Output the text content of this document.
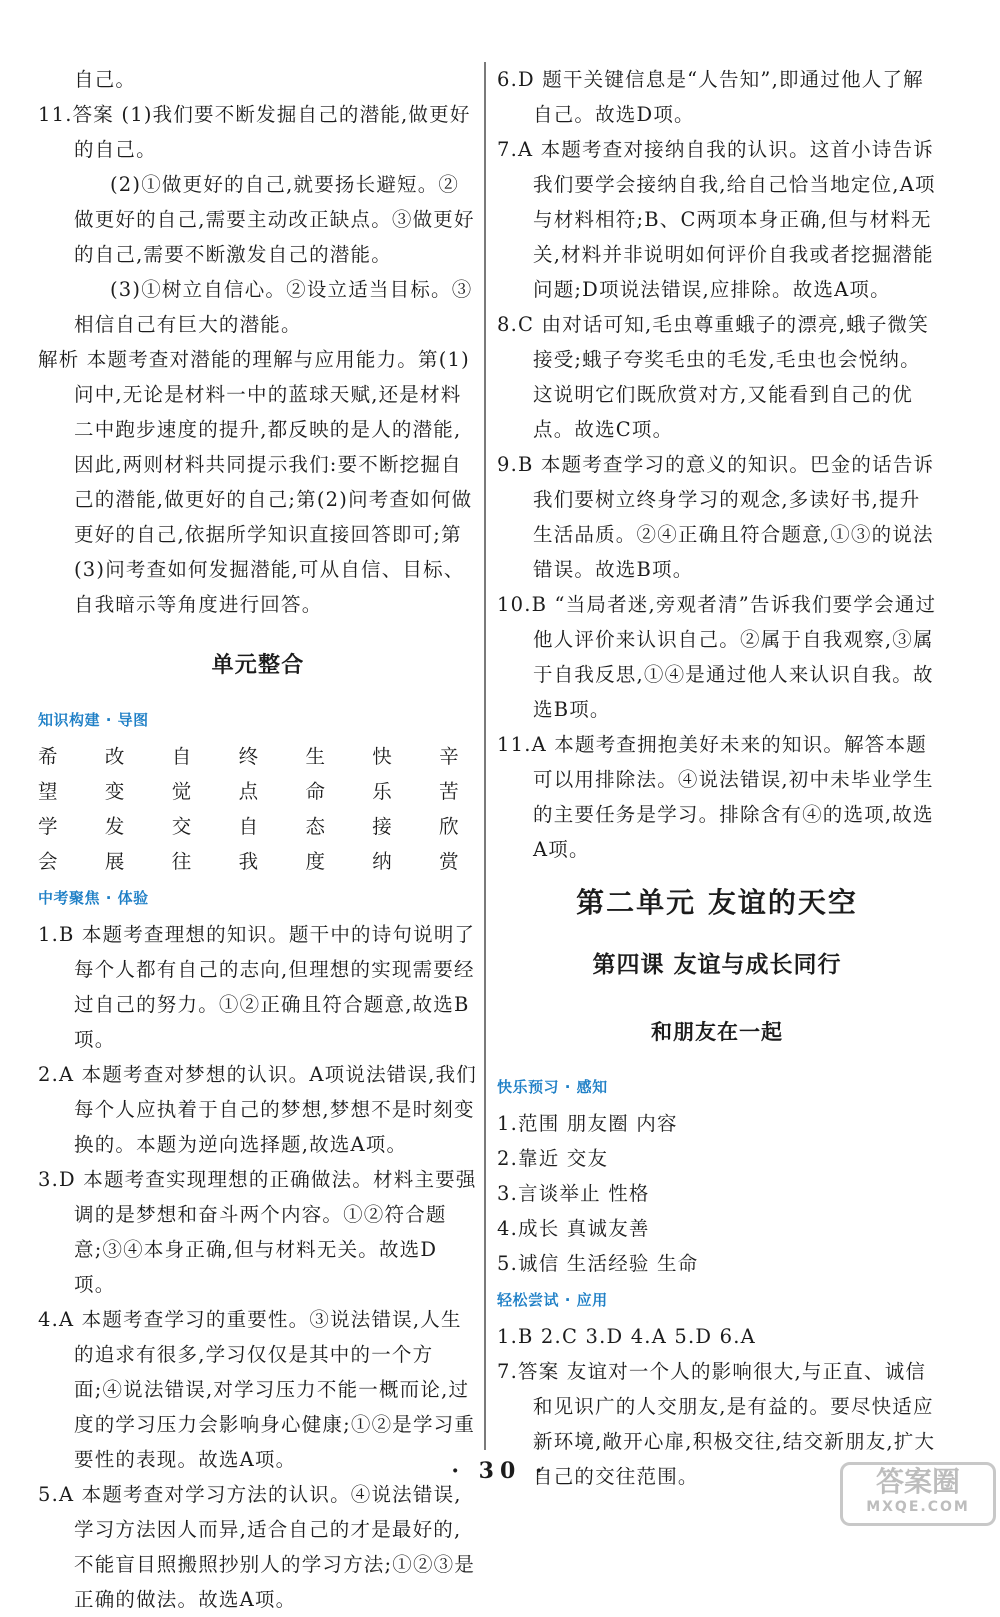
自己。

11.答案 (1)我们要不断发掘自己的潜能,做更好的自己。

(2)①做更好的自己,就要扬长避短。②做更好的自己,需要主动改正缺点。③做更好的自己,需要不断激发自己的潜能。

(3)①树立自信心。②设立适当目标。③相信自己有巨大的潜能。

解析 本题考查对潜能的理解与应用能力。第(1)问中,无论是材料一中的蓝球天赋,还是材料二中跑步速度的提升,都反映的是人的潜能,因此,两则材料共同提示我们:要不断挖掘自己的潜能,做更好的自己;第(2)问考查如何做更好的自己,依据所学知识直接回答即可;第(3)问考查如何发掘潜能,可从自信、目标、自我暗示等角度进行回答。

单元整合
知识构建 · 导图
希望
改变
自觉
终点
生命
快乐
辛苦
学会
发展
交往
自我
态度
接纳
欣赏
中考聚焦 · 体验

1.B 本题考查理想的知识。题干中的诗句说明了每个人都有自己的志向,但理想的实现需要经过自己的努力。①②正确且符合题意,故选B项。

2.A 本题考查对梦想的认识。A项说法错误,我们每个人应执着于自己的梦想,梦想不是时刻变换的。本题为逆向选择题,故选A项。

3.D 本题考查实现理想的正确做法。材料主要强调的是梦想和奋斗两个内容。①②符合题意;③④本身正确,但与材料无关。故选D项。

4.A 本题考查学习的重要性。③说法错误,人生的追求有很多,学习仅仅是其中的一个方面;④说法错误,对学习压力不能一概而论,过度的学习压力会影响身心健康;①②是学习重要性的表现。故选A项。

5.A 本题考查对学习方法的认识。④说法错误,学习方法因人而异,适合自己的才是最好的,不能盲目照搬照抄别人的学习方法;①②③是正确的做法。故选A项。

6.D 题干关键信息是“人告知”,即通过他人了解自己。故选D项。

7.A 本题考查对接纳自我的认识。这首小诗告诉我们要学会接纳自我,给自己恰当地定位,A项与材料相符;B、C两项本身正确,但与材料无关,材料并非说明如何评价自我或者挖掘潜能问题;D项说法错误,应排除。故选A项。

8.C 由对话可知,毛虫尊重蛾子的漂亮,蛾子微笑接受;蛾子夸奖毛虫的毛发,毛虫也会悦纳。这说明它们既欣赏对方,又能看到自己的优点。故选C项。

9.B 本题考查学习的意义的知识。巴金的话告诉我们要树立终身学习的观念,多读好书,提升生活品质。②④正确且符合题意,①③的说法错误。故选B项。

10.B “当局者迷,旁观者清”告诉我们要学会通过他人评价来认识自己。②属于自我观察,③属于自我反思,①④是通过他人来认识自我。故选B项。

11.A 本题考查拥抱美好未来的知识。解答本题可以用排除法。④说法错误,初中未毕业学生的主要任务是学习。排除含有④的选项,故选A项。

第二单元 友谊的天空
第四课 友谊与成长同行
和朋友在一起
快乐预习 · 感知

1.范围 朋友圈 内容

2.靠近 交友

3.言谈举止 性格

4.成长 真诚友善

5.诚信 生活经验 生命

轻松尝试 · 应用

1.B 2.C 3.D 4.A 5.D 6.A

7.答案 友谊对一个人的影响很大,与正直、诚信和见识广的人交朋友,是有益的。要尽快适应新环境,敞开心扉,积极交往,结交新朋友,扩大自己的交往范围。

· 30 ·	答案圈
MXQE.COM
